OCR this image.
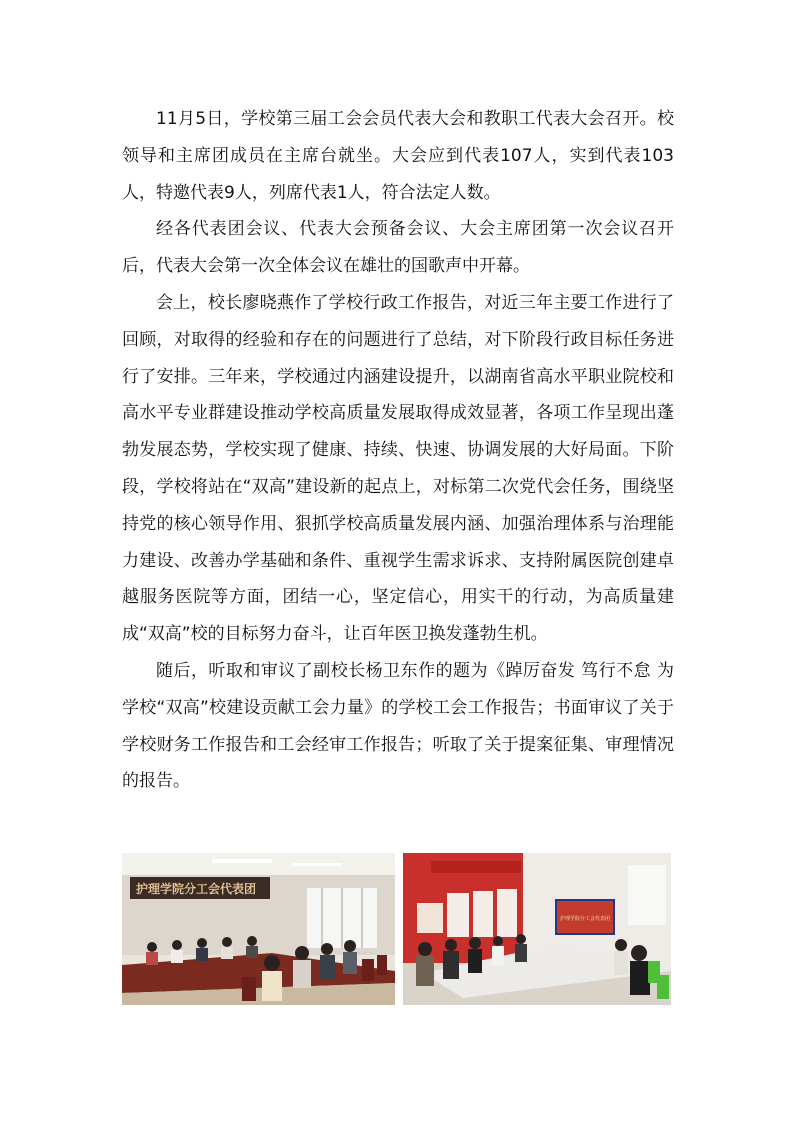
11月5日，学校第三届工会会员代表大会和教职工代表大会召开。校领导和主席团成员在主席台就坐。大会应到代表107人，实到代表103人，特邀代表9人，列席代表1人，符合法定人数。

经各代表团会议、代表大会预备会议、大会主席团第一次会议召开后，代表大会第一次全体会议在雄壮的国歌声中开幕。

会上，校长廖晓燕作了学校行政工作报告，对近三年主要工作进行了回顾，对取得的经验和存在的问题进行了总结，对下阶段行政目标任务进行了安排。三年来，学校通过内涵建设提升，以湖南省高水平职业院校和高水平专业群建设推动学校高质量发展取得成效显著，各项工作呈现出蓬勃发展态势，学校实现了健康、持续、快速、协调发展的大好局面。下阶段，学校将站在“双高”建设新的起点上，对标第二次党代会任务，围绕坚持党的核心领导作用、狠抓学校高质量发展内涵、加强治理体系与治理能力建设、改善办学基础和条件、重视学生需求诉求、支持附属医院创建卓越服务医院等方面，团结一心，坚定信心，用实干的行动，为高质量建成“双高”校的目标努力奋斗，让百年医卫换发蓬勃生机。

随后，听取和审议了副校长杨卫东作的题为《踔厉奋发 笃行不怠 为学校“双高”校建设贡献工会力量》的学校工会工作报告；书面审议了关于学校财务工作报告和工会经审工作报告；听取了关于提案征集、审理情况的报告。

护理学院分工会代表团
护理学院分工会代表团
